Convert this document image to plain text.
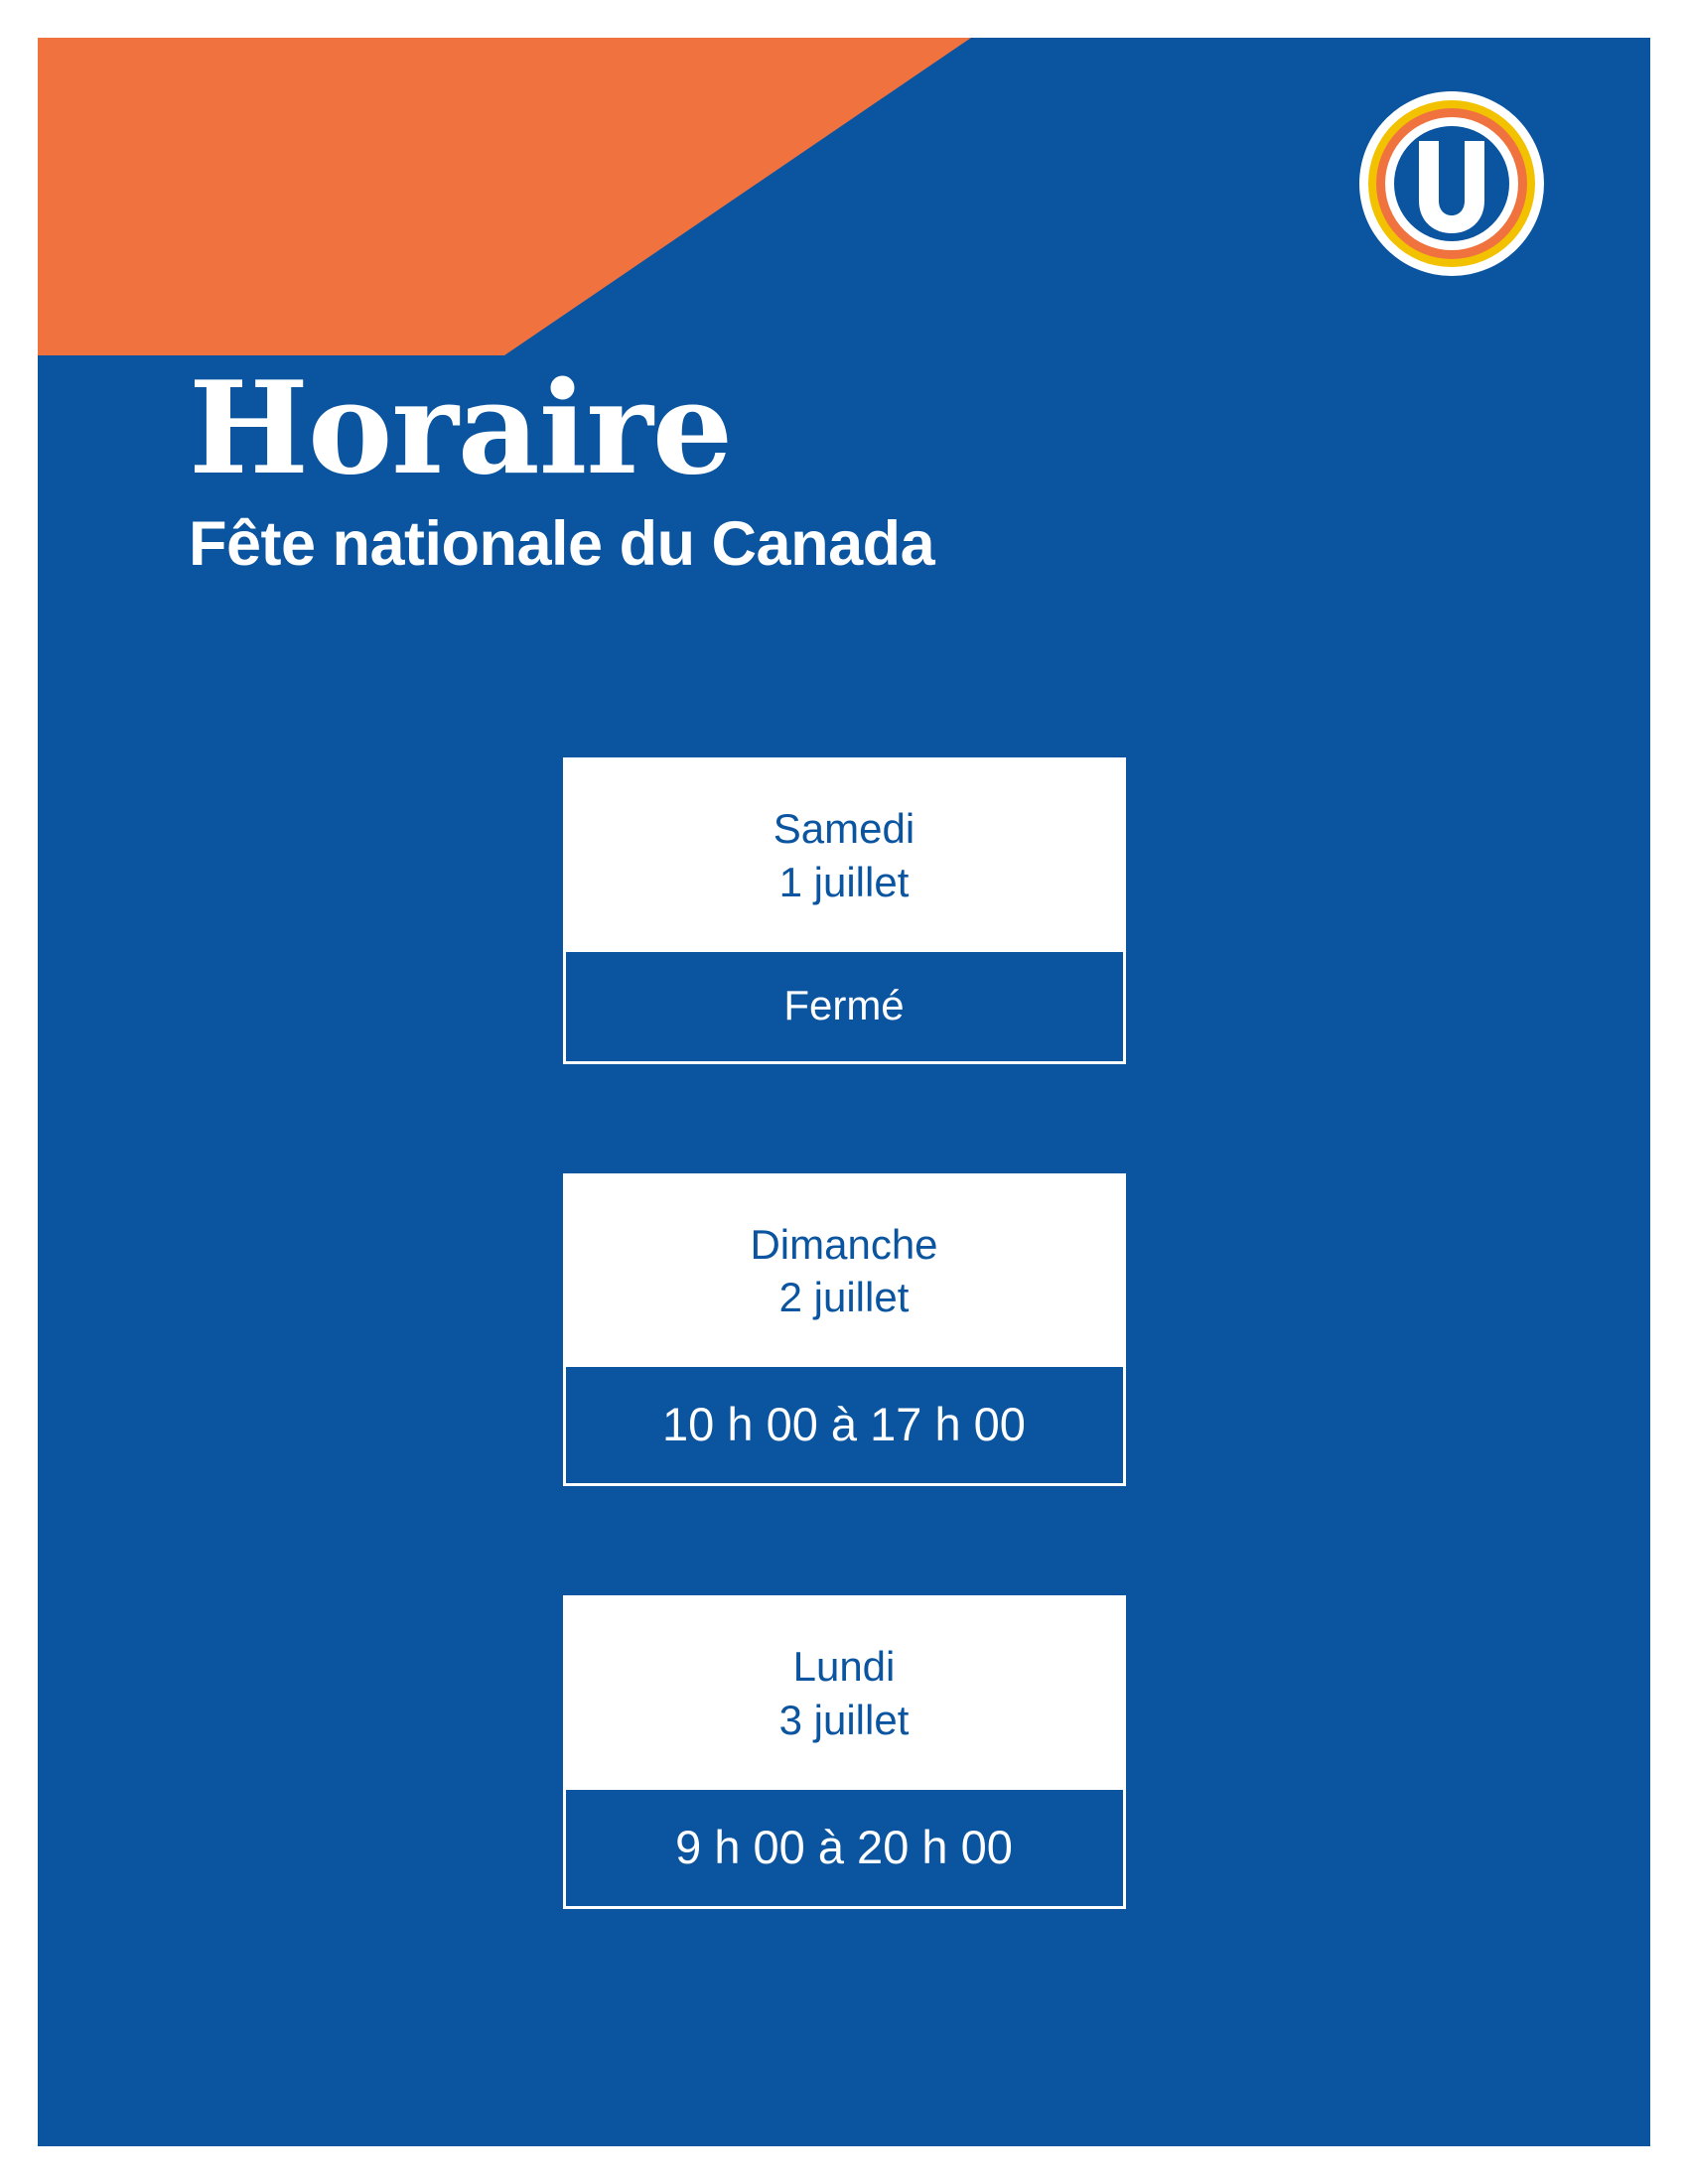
Horaire
Fête nationale du Canada
Samedi
1 juillet
Fermé
Dimanche
2 juillet
10 h 00 à 17 h 00
Lundi
3 juillet
9 h 00 à 20 h 00
